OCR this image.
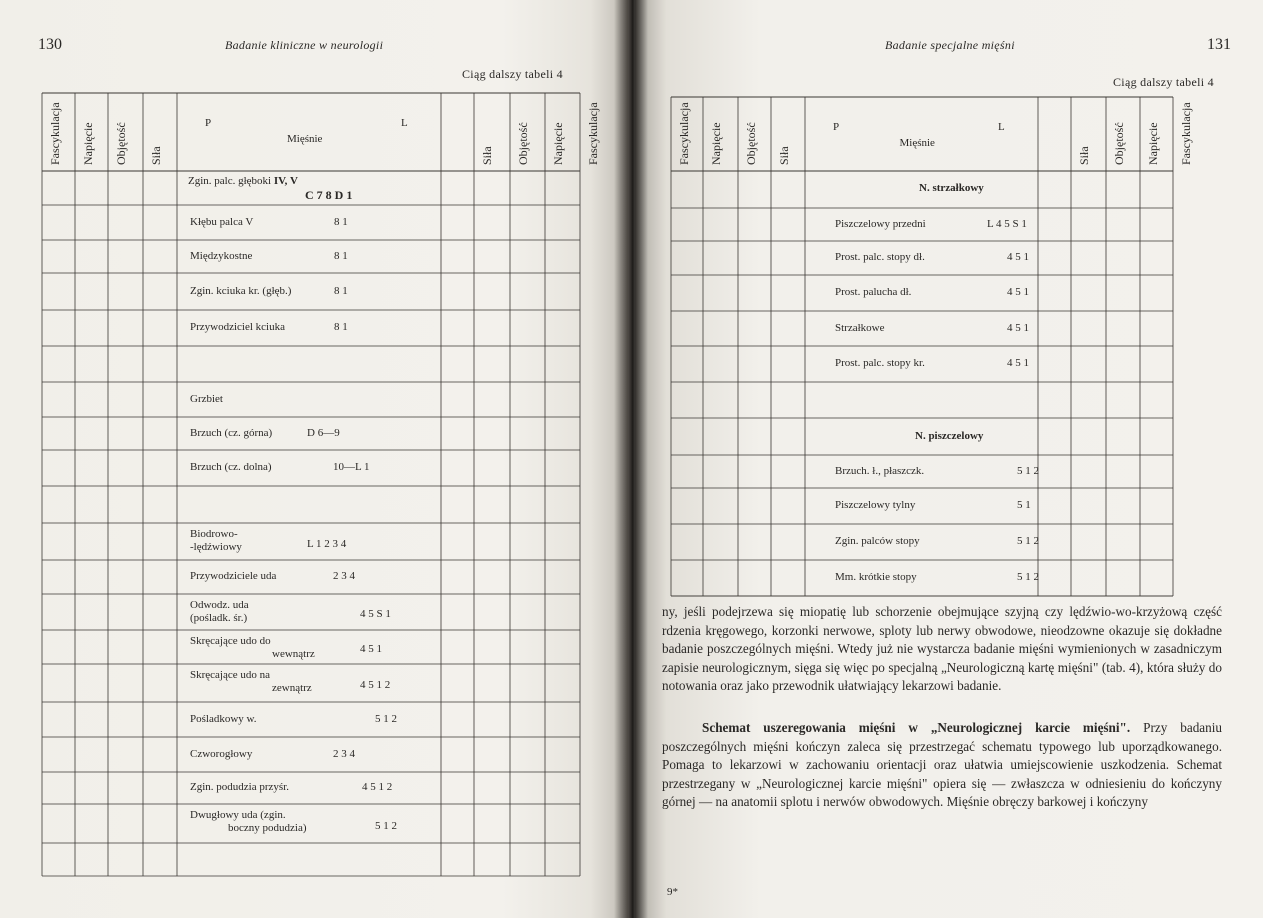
130	Badanie kliniczne w neurologii
Ciąg dalszy tabeli 4
Fascykulacja Napięcie Objętość Siła	Siła Objętość Napięcie Fascykulacja
P	L
Mięśnie
Zgin. palc. głęboki IV, V
C 7 8 D 1
Kłębu palca V	8 1
Międzykostne	8 1
Zgin. kciuka kr. (głęb.)	8 1
Przywodziciel kciuka	8 1
Grzbiet
Brzuch (cz. górna)	D 6—9
Brzuch (cz. dolna)	10—L 1
Biodrowo-
-lędźwiowy	L 1 2 3 4
Przywodziciele uda	2 3 4
Odwodz. uda
(pośladk. śr.)	4 5 S 1
Skręcające udo do
wewnątrz	4 5 1
Skręcające udo na
zewnątrz	4 5 1 2
Pośladkowy w.	5 1 2
Czworogłowy	2 3 4
Zgin. podudzia przyśr.	4 5 1 2
Dwugłowy uda (zgin.
boczny podudzia)	5 1 2
Badanie specjalne mięśni	131
Ciąg dalszy tabeli 4
Fascykulacja Napięcie Objętość Siła	Siła Objętość Napięcie Fascykulacja
P	L
Mięśnie
N. strzałkowy
Piszczelowy przedni	L 4 5 S 1
Prost. palc. stopy dł.	4 5 1
Prost. palucha dł.	4 5 1
Strzałkowe	4 5 1
Prost. palc. stopy kr.	4 5 1
N. piszczelowy
Brzuch. ł., płaszczk.	5 1 2
Piszczelowy tylny	5 1
Zgin. palców stopy	5 1 2
Mm. krótkie stopy	5 1 2

ny, jeśli podejrzewa się miopatię lub schorzenie obejmujące szyjną czy lędźwio-wo-krzyżową część rdzenia kręgowego, korzonki nerwowe, sploty lub nerwy obwodowe, nieodzowne okazuje się dokładne badanie poszczególnych mięśni. Wtedy już nie wystarcza badanie mięśni wymienionych w zasadniczym zapisie neurologicznym, sięga się więc po specjalną „Neurologiczną kartę mięśni" (tab. 4), która służy do notowania oraz jako przewodnik ułatwiający lekarzowi badanie.

Schemat uszeregowania mięśni w „Neurologicznej karcie mięśni". Przy badaniu poszczególnych mięśni kończyn zaleca się przestrzegać schematu typowego lub uporządkowanego. Pomaga to lekarzowi w zachowaniu orientacji oraz ułatwia umiejscowienie uszkodzenia. Schemat przestrzegany w „Neurologicznej karcie mięśni" opiera się — zwłaszcza w odniesieniu do kończyny górnej — na anatomii splotu i nerwów obwodowych. Mięśnie obręczy barkowej i kończyny

9*
